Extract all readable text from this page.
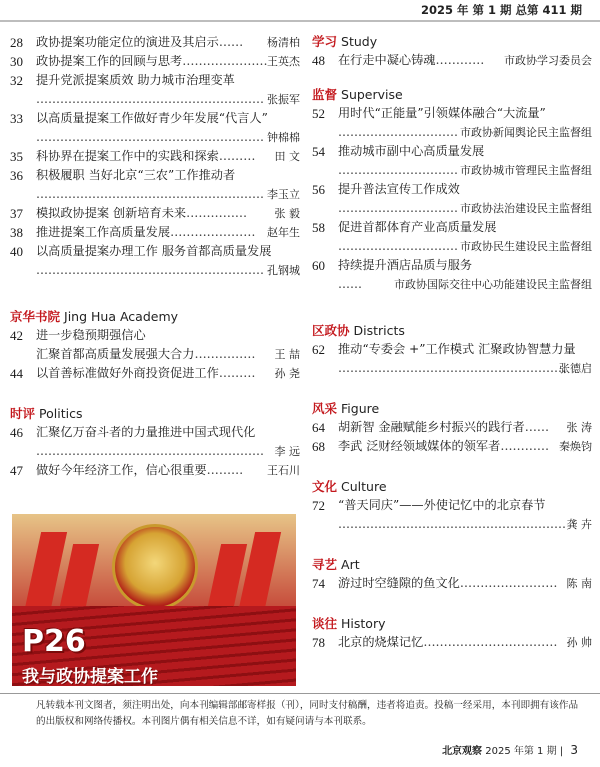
2025 年 第 1 期 总第 411 期
28	政协提案功能定位的演进及其启示…… 杨清柏
30	政协提案工作的回顾与思考………………… 王英杰
32	提升党派提案质效 助力城市治理变革
………………………………………………… 张振军
33	以高质量提案工作做好青少年发展“代言人”
………………………………………………… 钟棉棉
35	科协界在提案工作中的实践和探索……… 田 文
36	积极履职 当好北京“三农”工作推动者
………………………………………………… 李玉立
37	模拟政协提案 创新培育未来…………… 张 毅
38	推进提案工作高质量发展………………… 赵年生
40	以高质量提案办理工作 服务首都高质量发展
………………………………………………… 孔钢城
京华书院 Jing Hua Academy
42	进一步稳预期强信心
汇聚首都高质量发展强大合力…………… 王 喆
44	以首善标准做好外商投资促进工作……… 孙 尧
时评 Politics
46	汇聚亿万奋斗者的力量推进中国式现代化
………………………………………………… 李 远
47	做好今年经济工作，信心很重要……… 王石川
P26
我与政协提案工作
学习 Study
48	在行走中凝心铸魂………… 市政协学习委员会
监督 Supervise
52	用时代“正能量”引领媒体融合“大流量”
………………………… 市政协新闻舆论民主监督组
54	推动城市副中心高质量发展
………………………… 市政协城市管理民主监督组
56	提升普法宣传工作成效
………………………… 市政协法治建设民主监督组
58	促进首都体育产业高质量发展
………………………… 市政协民生建设民主监督组
60	持续提升酒店品质与服务
……	市政协国际交往中心功能建设民主监督组
区政协 Districts
62	推动“专委会 +”工作模式 汇聚政协智慧力量
…………………………………………………
张德启
风采 Figure
64	胡新智 金融赋能乡村振兴的践行者…… 张 涛
68	李武 泛财经领域媒体的领军者………… 秦焕钧
文化 Culture
72	“普天同庆”——外使记忆中的北京春节
………………………………………………… 龚 卉
寻艺 Art
74	游过时空缝隙的鱼文化…………………… 陈 南
谈往 History
78	北京的烧煤记忆…………………………… 孙 帅

凡转载本刊文图者，须注明出处，向本刊编辑部邮寄样报（刊），同时支付稿酬，违者将追责。投稿一经采用，本刊即拥有该作品的出版权和网络传播权。本刊图片偶有相关信息不详，如有疑问请与本刊联系。

北京观察 2025 年第 1 期 | 3
